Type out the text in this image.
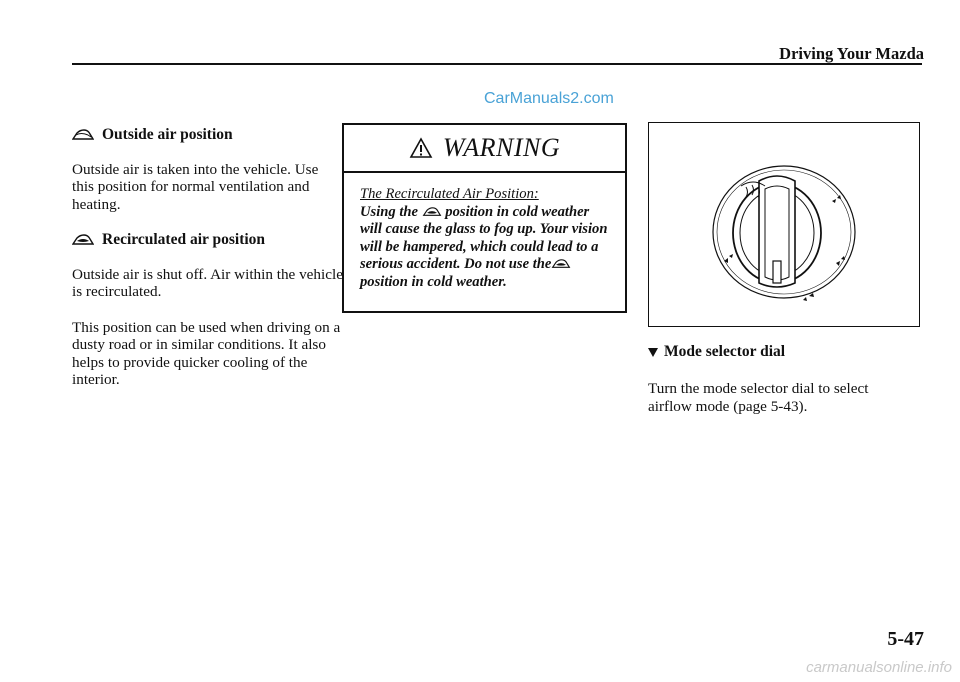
Driving Your Mazda
CarManuals2.com
Outside air position

Outside air is taken into the vehicle. Use this position for normal ventilation and heating.

Recirculated air position

Outside air is shut off. Air within the vehicle is recirculated.

This position can be used when driving on a dusty road or in similar conditions. It also helps to provide quicker cooling of the interior.

WARNING
The Recirculated Air Position:
Using the position in cold weather will cause the glass to fog up. Your vision will be hampered, which could lead to a serious accident. Do not use the position in cold weather.
Mode selector dial
Turn the mode selector dial to select airflow mode (page 5-43).
5-47
carmanualsonline.info
